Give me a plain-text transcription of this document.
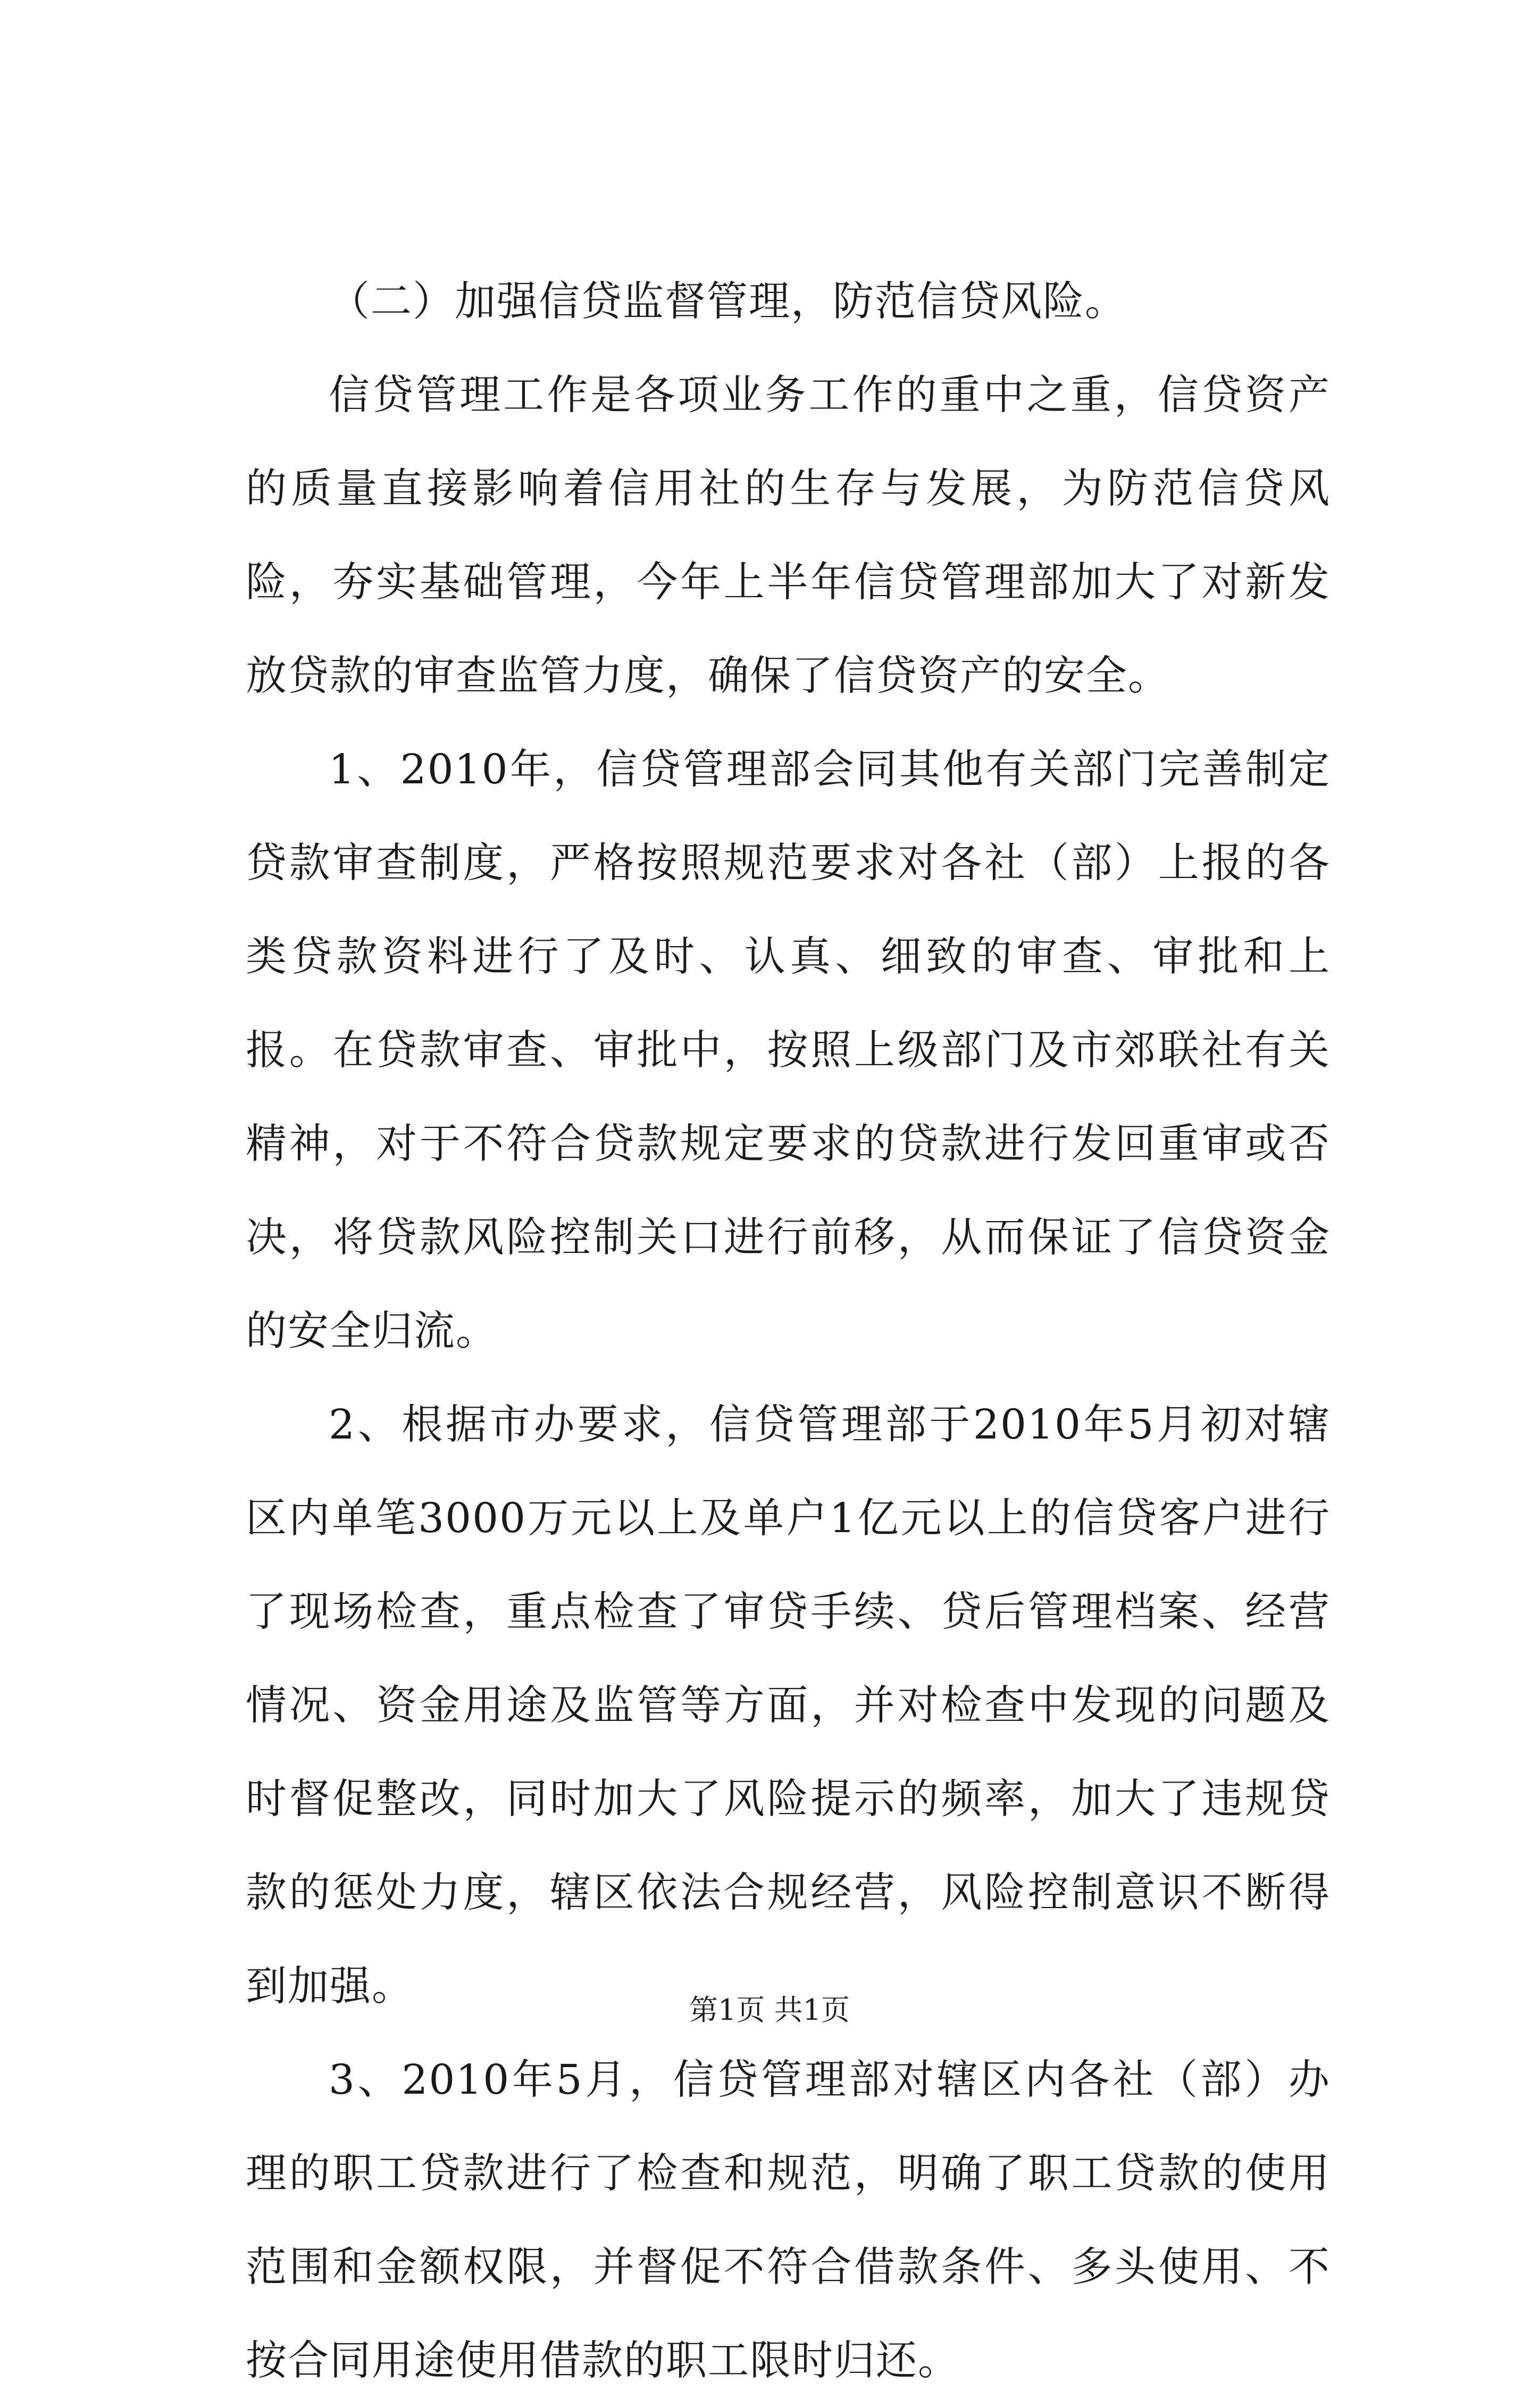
（二）加强信贷监督管理，防范信贷风险。

信贷管理工作是各项业务工作的重中之重，信贷资产的质量直接影响着信用社的生存与发展，为防范信贷风险，夯实基础管理，今年上半年信贷管理部加大了对新发放贷款的审查监管力度，确保了信贷资产的安全。

1、2010年，信贷管理部会同其他有关部门完善制定贷款审查制度，严格按照规范要求对各社（部）上报的各类贷款资料进行了及时、认真、细致的审查、审批和上报。在贷款审查、审批中，按照上级部门及市郊联社有关精神，对于不符合贷款规定要求的贷款进行发回重审或否决，将贷款风险控制关口进行前移，从而保证了信贷资金的安全归流。

2、根据市办要求，信贷管理部于2010年5月初对辖区内单笔3000万元以上及单户1亿元以上的信贷客户进行了现场检查，重点检查了审贷手续、贷后管理档案、经营情况、资金用途及监管等方面，并对检查中发现的问题及时督促整改，同时加大了风险提示的频率，加大了违规贷款的惩处力度，辖区依法合规经营，风险控制意识不断得到加强。

3、2010年5月，信贷管理部对辖区内各社（部）办理的职工贷款进行了检查和规范，明确了职工贷款的使用范围和金额权限，并督促不符合借款条件、多头使用、不按合同用途使用借款的职工限时归还。

第1页 共1页
